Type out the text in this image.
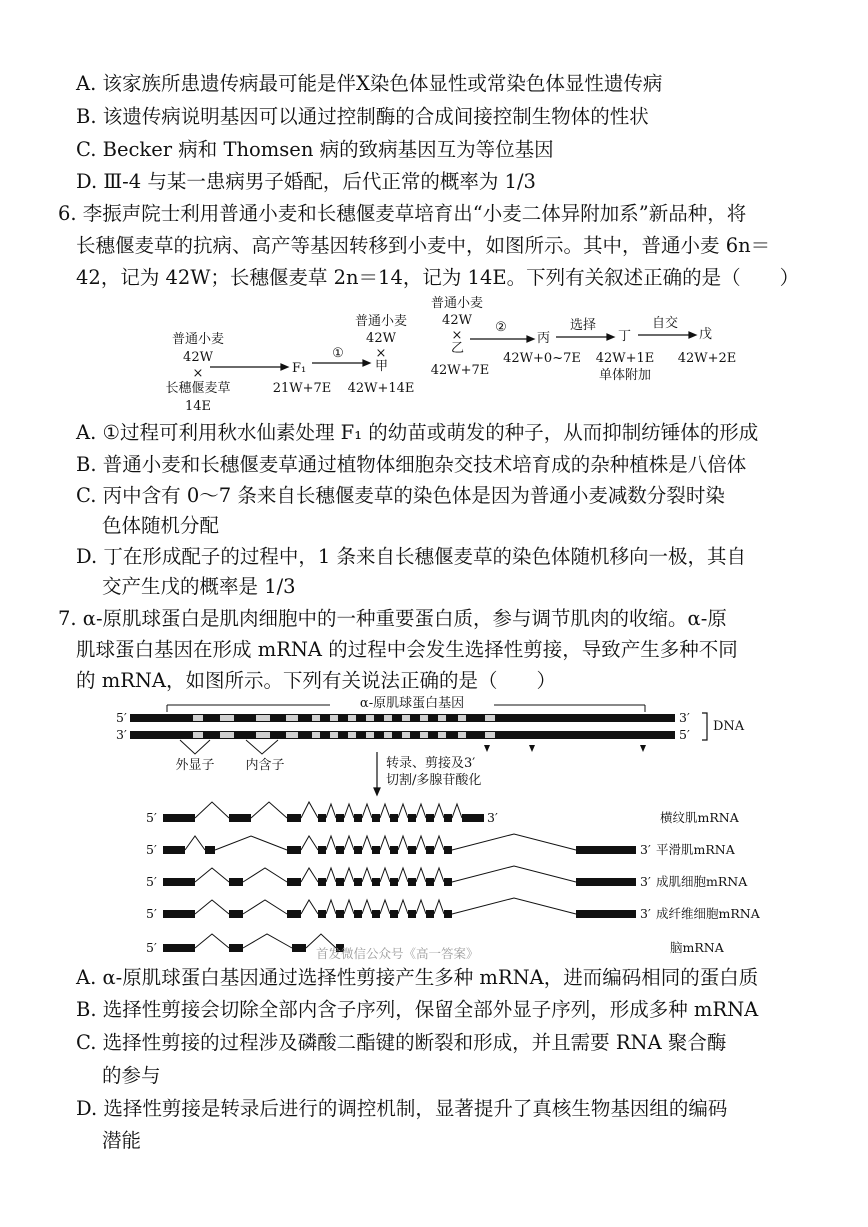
A. 该家族所患遗传病最可能是伴X染色体显性或常染色体显性遗传病
B. 该遗传病说明基因可以通过控制酶的合成间接控制生物体的性状
C. Becker 病和 Thomsen 病的致病基因互为等位基因
D. Ⅲ-4 与某一患病男子婚配，后代正常的概率为 1/3
6. 李振声院士利用普通小麦和长穗偃麦草培育出“小麦二体异附加系”新品种，将
长穗偃麦草的抗病、高产等基因转移到小麦中，如图所示。其中，普通小麦 6n＝
42，记为 42W；长穗偃麦草 2n＝14，记为 14E。下列有关叙述正确的是（　　）
普通小麦
42W
×
长穗偃麦草
14E
F₁
21W+7E
①
普通小麦
42W
×
甲
42W+14E
普通小麦
42W
×
乙
42W+7E
②
丙
42W+0~7E
选择
丁
42W+1E
单体附加
自交
戊
42W+2E
A. ①过程可利用秋水仙素处理 F₁ 的幼苗或萌发的种子，从而抑制纺锤体的形成
B. 普通小麦和长穗偃麦草通过植物体细胞杂交技术培育成的杂种植株是八倍体
C. 丙中含有 0～7 条来自长穗偃麦草的染色体是因为普通小麦减数分裂时染
色体随机分配
D. 丁在形成配子的过程中，1 条来自长穗偃麦草的染色体随机移向一极，其自
交产生戊的概率是 1/3
7. α-原肌球蛋白是肌肉细胞中的一种重要蛋白质，参与调节肌肉的收缩。α-原
肌球蛋白基因在形成 mRNA 的过程中会发生选择性剪接，导致产生多种不同
的 mRNA，如图所示。下列有关说法正确的是（　　）
α-原肌球蛋白基因
5′	3′
3′	5′
DNA
外显子 内含子	转录、剪接及3′
切割/多腺苷酸化
5′	3′	横纹肌mRNA
5′	3′ 平滑肌mRNA
5′	3′ 成肌细胞mRNA
5′	3′ 成纤维细胞mRNA
5′	脑mRNA
首发微信公众号《高一答案》
A. α-原肌球蛋白基因通过选择性剪接产生多种 mRNA，进而编码相同的蛋白质
B. 选择性剪接会切除全部内含子序列，保留全部外显子序列，形成多种 mRNA
C. 选择性剪接的过程涉及磷酸二酯键的断裂和形成，并且需要 RNA 聚合酶
的参与
D. 选择性剪接是转录后进行的调控机制，显著提升了真核生物基因组的编码
潜能
